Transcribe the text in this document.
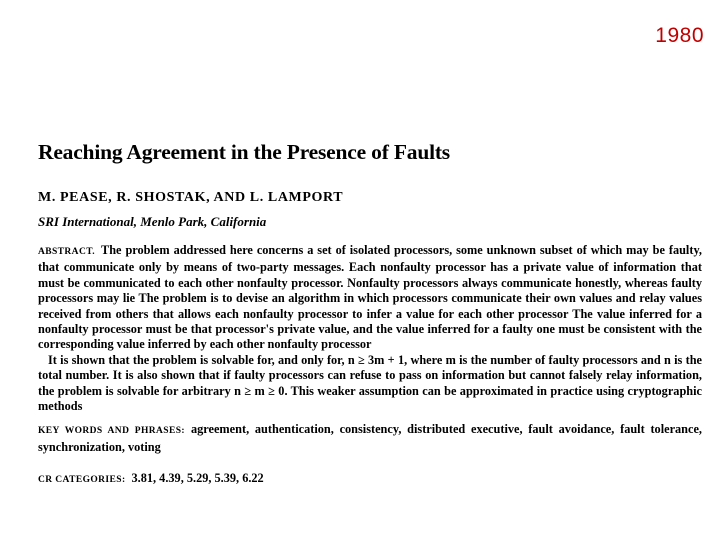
1980
Reaching Agreement in the Presence of Faults
M. PEASE, R. SHOSTAK, AND L. LAMPORT
SRI International, Menlo Park, California

ABSTRACT. The problem addressed here concerns a set of isolated processors, some unknown subset of which may be faulty, that communicate only by means of two-party messages. Each nonfaulty processor has a private value of information that must be communicated to each other nonfaulty processor. Nonfaulty processors always communicate honestly, whereas faulty processors may lie The problem is to devise an algorithm in which processors communicate their own values and relay values received from others that allows each nonfaulty processor to infer a value for each other processor The value inferred for a nonfaulty processor must be that processor's private value, and the value inferred for a faulty one must be consistent with the corresponding value inferred by each other nonfaulty processor

It is shown that the problem is solvable for, and only for, n ≥ 3m + 1, where m is the number of faulty processors and n is the total number. It is also shown that if faulty processors can refuse to pass on information but cannot falsely relay information, the problem is solvable for arbitrary n ≥ m ≥ 0. This weaker assumption can be approximated in practice using cryptographic methods

KEY WORDS AND PHRASES: agreement, authentication, consistency, distributed executive, fault avoidance, fault tolerance, synchronization, voting
CR CATEGORIES: 3.81, 4.39, 5.29, 5.39, 6.22
